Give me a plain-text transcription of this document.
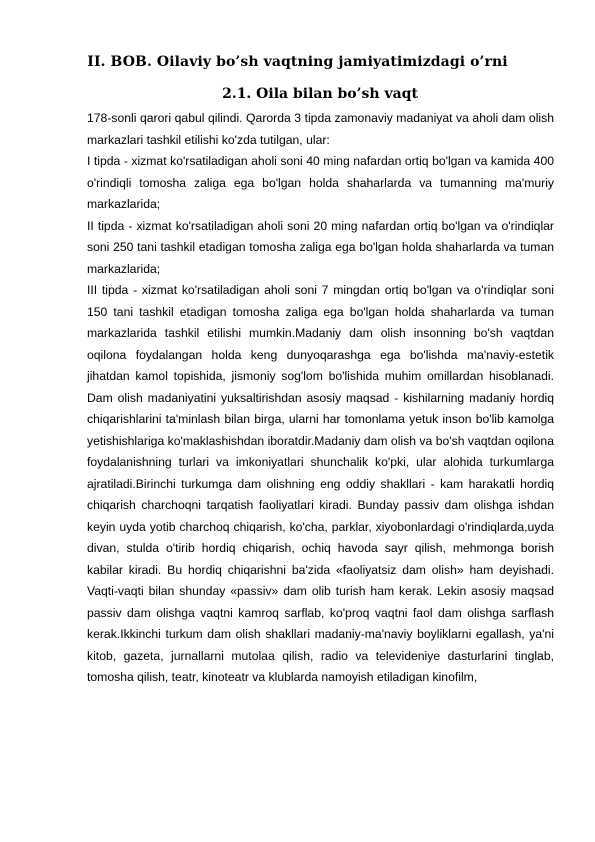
II. BOB. Oilaviy bo’sh vaqtning jamiyatimizdagi o’rni
2.1. Oila bilan bo’sh vaqt

178-sonli qarori qabul qilindi. Qarorda 3 tipda zamonaviy madaniyat va aholi dam olish markazlari tashkil etilishi ko'zda tutilgan, ular:

I tipda - xizmat ko'rsatiladigan aholi soni 40 ming nafardan ortiq bo'lgan va kamida 400 o'rindiqli tomosha zaliga ega bo'lgan holda shaharlarda va tumanning ma'muriy markazlarida;

II tipda - xizmat ko'rsatiladigan aholi soni 20 ming nafardan ortiq bo'lgan va o'rindiqlar soni 250 tani tashkil etadigan tomosha zaliga ega bo'lgan holda shaharlarda va tuman markazlarida;

III tipda - xizmat ko'rsatiladigan aholi soni 7 mingdan ortiq bo'lgan va o'rindiqlar soni 150 tani tashkil etadigan tomosha zaliga ega bo'lgan holda shaharlarda va tuman markazlarida tashkil etilishi mumkin.Madaniy dam olish insonning bo'sh vaqtdan oqilona foydalangan holda keng dunyoqarashga ega bo'lishda ma'naviy-estetik jihatdan kamol topishida, jismoniy sog'lom bo'lishida muhim omillardan hisoblanadi. Dam olish madaniyatini yuksaltirishdan asosiy maqsad - kishilarning madaniy hordiq chiqarishlarini ta'minlash bilan birga, ularni har tomonlama yetuk inson bo'lib kamolga yetishishlariga ko'maklashishdan iboratdir.Madaniy dam olish va bo'sh vaqtdan oqilona foydalanishning turlari va imkoniyatlari shunchalik ko'pki, ular alohida turkumlarga ajratiladi.Birinchi turkumga dam olishning eng oddiy shakllari - kam harakatli hordiq chiqarish charchoqni tarqatish faoliyatlari kiradi. Bunday passiv dam olishga ishdan keyin uyda yotib charchoq chiqarish, ko'cha, parklar, xiyobonlardagi o'rindiqlarda,uyda divan, stulda o'tirib hordiq chiqarish, ochiq havoda sayr qilish, mehmonga borish kabilar kiradi. Bu hordiq chiqarishni ba'zida «faoliyatsiz dam olish» ham deyishadi. Vaqti-vaqti bilan shunday «passiv» dam olib turish ham kerak. Lekin asosiy maqsad passiv dam olishga vaqtni kamroq sarflab, ko'proq vaqtni faol dam olishga sarflash kerak.Ikkinchi turkum dam olish shakllari madaniy-ma'naviy boyliklarni egallash, ya'ni kitob, gazeta, jurnallarni mutolaa qilish, radio va televideniye dasturlarini tinglab, tomosha qilish, teatr, kinoteatr va klublarda namoyish etiladigan kinofilm,
